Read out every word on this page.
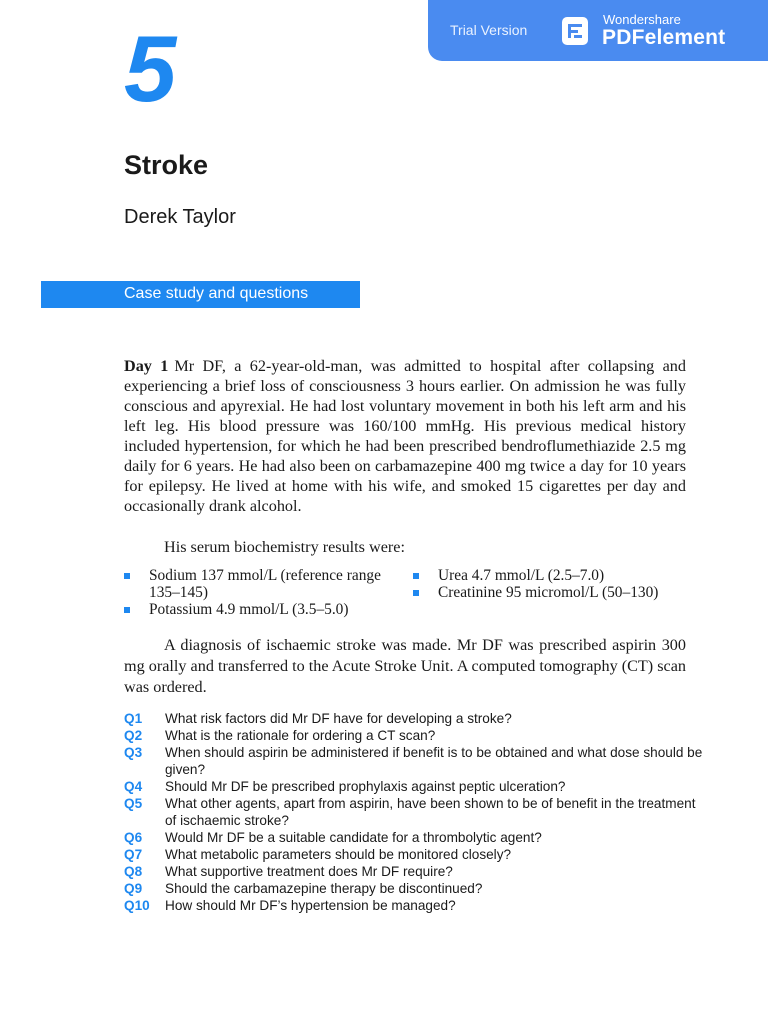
Trial Version
Wondershare
PDFelement
5
Stroke
Derek Taylor
Case study and questions

Day 1 Mr DF, a 62-year-old-man, was admitted to hospital after collapsing and experiencing a brief loss of consciousness 3 hours earlier. On admission he was fully conscious and apyrexial. He had lost voluntary movement in both his left arm and his left leg. His blood pressure was 160/100 mmHg. His previous medical history included hypertension, for which he had been prescribed bendroflumethiazide 2.5 mg daily for 6 years. He had also been on carbamazepine 400 mg twice a day for 10 years for epilepsy. He lived at home with his wife, and smoked 15 cigarettes per day and occasionally drank alcohol.

His serum biochemistry results were:
Sodium 137 mmol/L (reference range 135–145)
Potassium 4.9 mmol/L (3.5–5.0)
Urea 4.7 mmol/L (2.5–7.0)
Creatinine 95 micromol/L (50–130)

A diagnosis of ischaemic stroke was made. Mr DF was prescribed aspirin 300 mg orally and transferred to the Acute Stroke Unit. A computed tomography (CT) scan was ordered.

Q1 What risk factors did Mr DF have for developing a stroke?
Q2 What is the rationale for ordering a CT scan?
Q3 When should aspirin be administered if benefit is to be obtained and what dose should be given?
Q4 Should Mr DF be prescribed prophylaxis against peptic ulceration?
Q5 What other agents, apart from aspirin, have been shown to be of benefit in the treatment of ischaemic stroke?
Q6 Would Mr DF be a suitable candidate for a thrombolytic agent?
Q7 What metabolic parameters should be monitored closely?
Q8 What supportive treatment does Mr DF require?
Q9 Should the carbamazepine therapy be discontinued?
Q10 How should Mr DF’s hypertension be managed?
